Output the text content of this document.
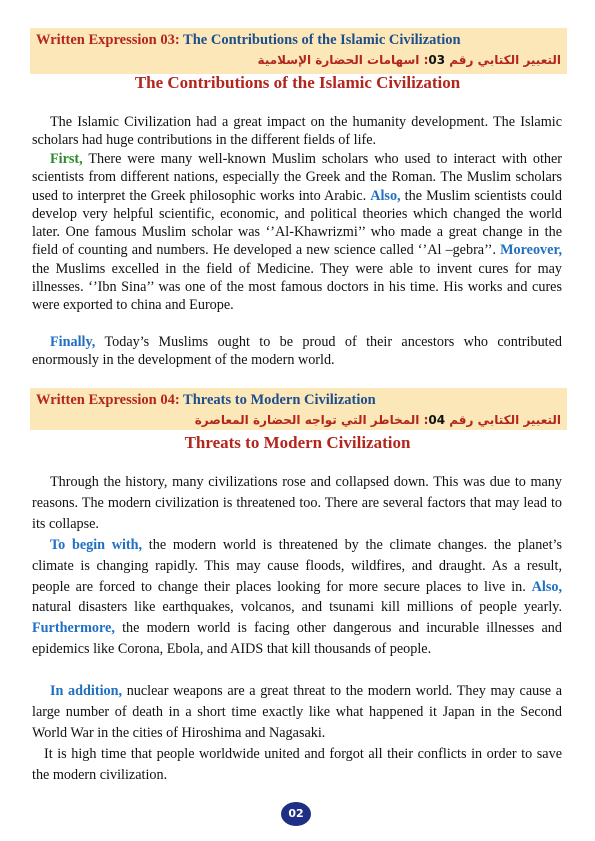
Written Expression 03: The Contributions of the Islamic Civilization
التعبير الكتابي رقم 03: اسهامات الحضارة الإسلامية
The Contributions of the Islamic Civilization

The Islamic Civilization had a great impact on the humanity development. The Islamic scholars had huge contributions in the different fields of life.

First, There were many well-known Muslim scholars who used to interact with other scientists from different nations, especially the Greek and the Roman. The Muslim scholars used to interpret the Greek philosophic works into Arabic. Also, the Muslim scientists could develop very helpful scientific, economic, and political theories which changed the world later. One famous Muslim scholar was ‘’Al-Khawrizmi’’ who made a great change in the field of counting and numbers. He developed a new science called ‘’Al –gebra’’. Moreover, the Muslims excelled in the field of Medicine. They were able to invent cures for may illnesses. ‘’Ibn Sina’’ was one of the most famous doctors in his time. His works and cures were exported to china and Europe.

Finally, Today’s Muslims ought to be proud of their ancestors who contributed enormously in the development of the modern world.

Written Expression 04: Threats to Modern Civilization
التعبير الكتابي رقم 04: المخاطر التي تواجه الحضارة المعاصرة
Threats to Modern Civilization

Through the history, many civilizations rose and collapsed down. This was due to many reasons. The modern civilization is threatened too. There are several factors that may lead to its collapse.

To begin with, the modern world is threatened by the climate changes. the planet’s climate is changing rapidly. This may cause floods, wildfires, and draught. As a result, people are forced to change their places looking for more secure places to live in. Also, natural disasters like earthquakes, volcanos, and tsunami kill millions of people yearly. Furthermore, the modern world is facing other dangerous and incurable illnesses and epidemics like Corona, Ebola, and AIDS that kill thousands of people.

In addition, nuclear weapons are a great threat to the modern world. They may cause a large number of death in a short time exactly like what happened it Japan in the Second World War in the cities of Hiroshima and Nagasaki.

It is high time that people worldwide united and forgot all their conflicts in order to save the modern civilization.

02
